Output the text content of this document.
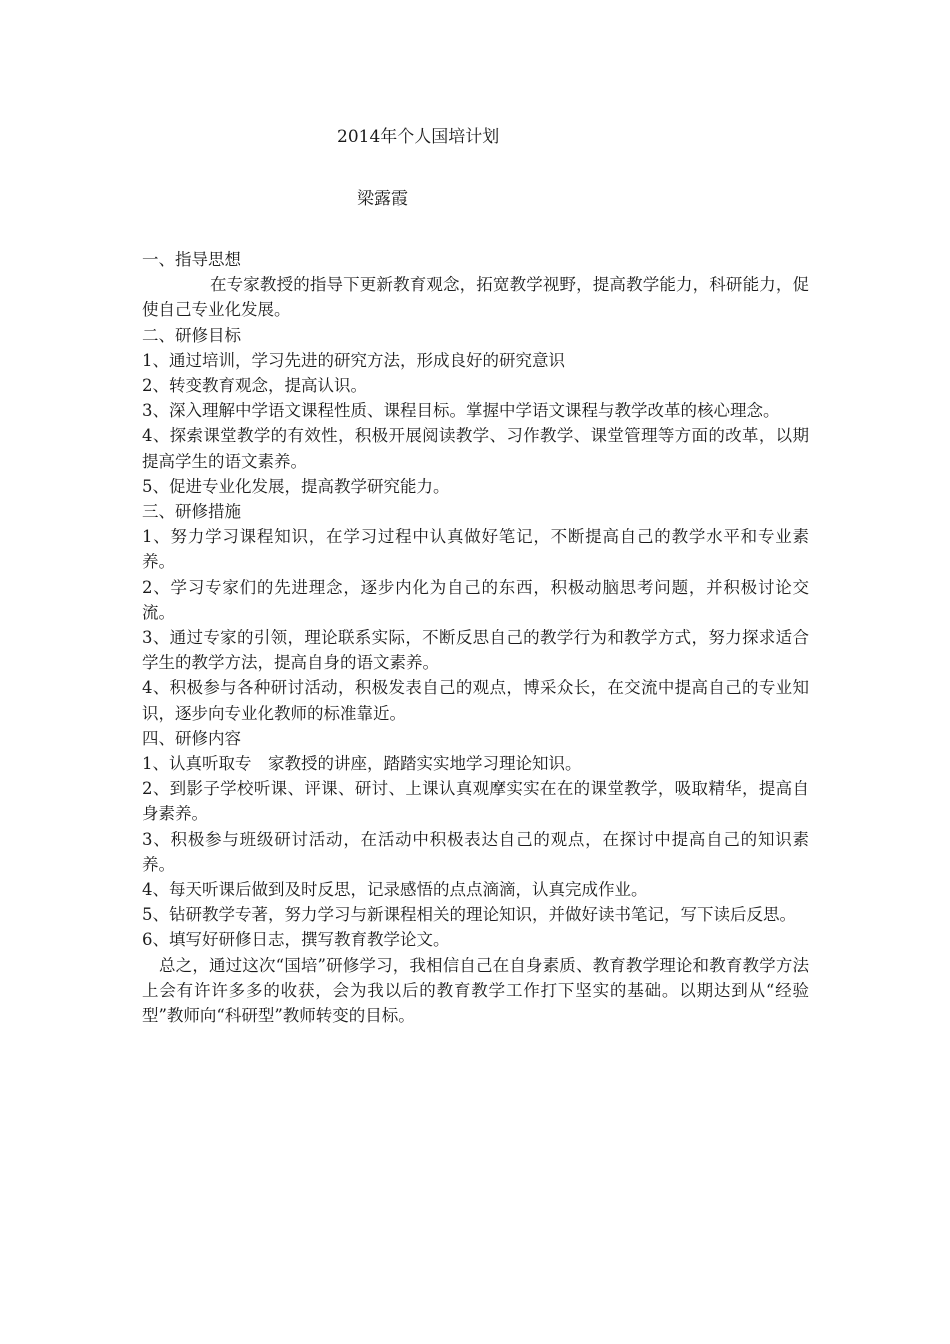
2014年个人国培计划
梁露霞

一、指导思想

在专家教授的指导下更新教育观念，拓宽教学视野，提高教学能力，科研能力，促使自己专业化发展。

二、研修目标

1、通过培训，学习先进的研究方法，形成良好的研究意识

2、转变教育观念，提高认识。

3、深入理解中学语文课程性质、课程目标。掌握中学语文课程与教学改革的核心理念。

4、探索课堂教学的有效性，积极开展阅读教学、习作教学、课堂管理等方面的改革，以期提高学生的语文素养。

5、促进专业化发展，提高教学研究能力。

三、研修措施

1、努力学习课程知识，在学习过程中认真做好笔记，不断提高自己的教学水平和专业素养。

2、学习专家们的先进理念，逐步内化为自己的东西，积极动脑思考问题，并积极讨论交流。

3、通过专家的引领，理论联系实际，不断反思自己的教学行为和教学方式，努力探求适合学生的教学方法，提高自身的语文素养。

4、积极参与各种研讨活动，积极发表自己的观点，博采众长，在交流中提高自己的专业知识，逐步向专业化教师的标准靠近。

四、研修内容

1、认真听取专　家教授的讲座，踏踏实实地学习理论知识。

2、到影子学校听课、评课、研讨、上课认真观摩实实在在的课堂教学，吸取精华，提高自身素养。

3、积极参与班级研讨活动，在活动中积极表达自己的观点，在探讨中提高自己的知识素养。

4、每天听课后做到及时反思，记录感悟的点点滴滴，认真完成作业。

5、钻研教学专著，努力学习与新课程相关的理论知识，并做好读书笔记，写下读后反思。

6、填写好研修日志，撰写教育教学论文。

总之，通过这次“国培”研修学习，我相信自己在自身素质、教育教学理论和教育教学方法上会有许许多多的收获，会为我以后的教育教学工作打下坚实的基础。以期达到从“经验型”教师向“科研型”教师转变的目标。
